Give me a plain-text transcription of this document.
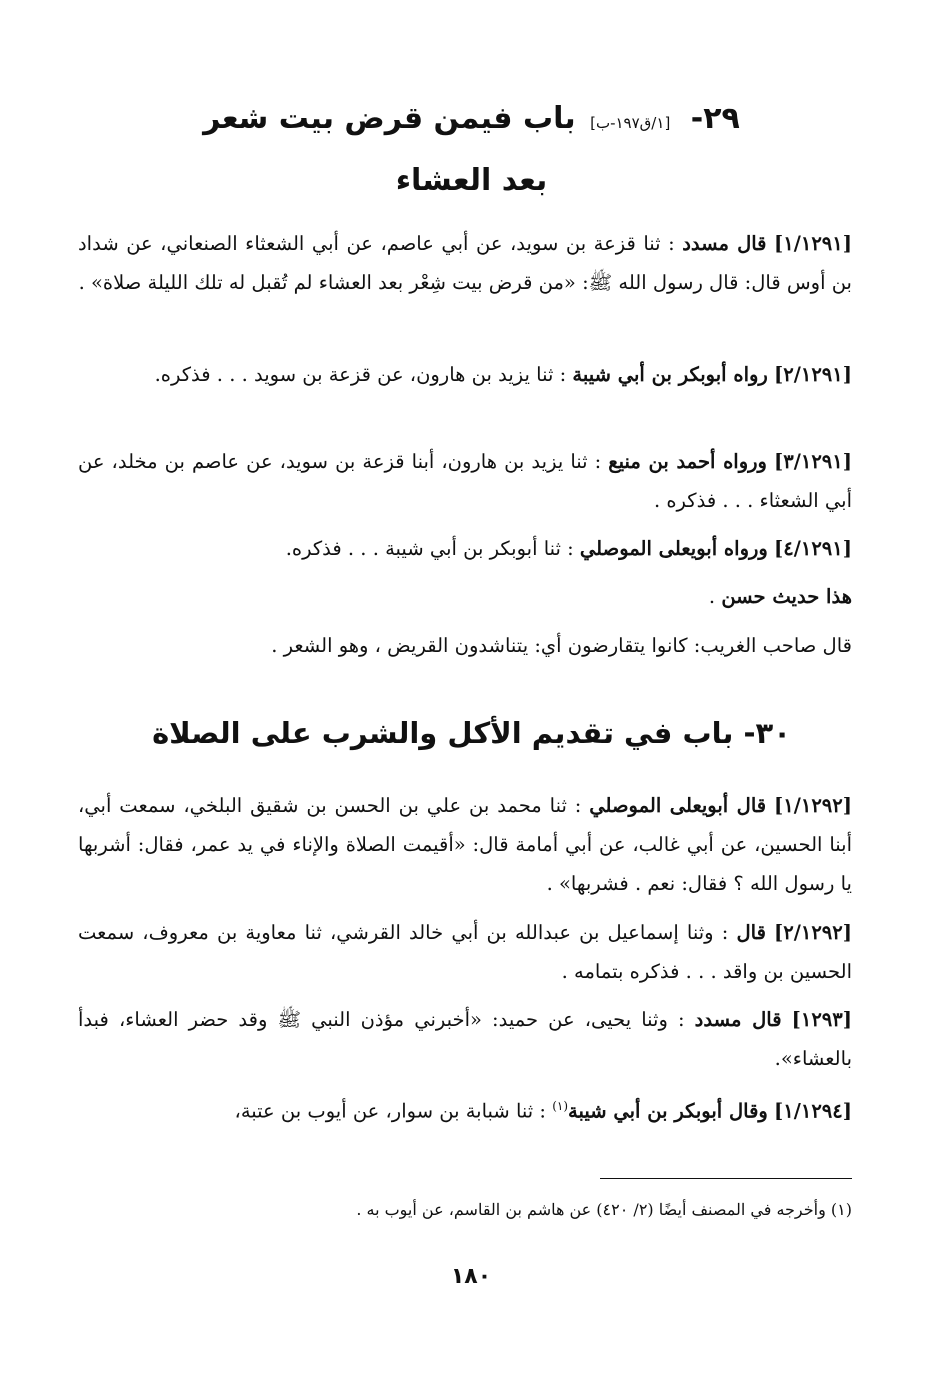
٢٩- [١/ق١٩٧-ب] باب فيمن قرض بيت شعر
بعد العشاء
[١/١٢٩١] قال مسدد : ثنا قزعة بن سويد، عن أبي عاصم، عن أبي الشعثاء الصنعاني، عن شداد بن أوس قال: قال رسول الله ﷺ: «من قرض بيت شِعْر بعد العشاء لم تُقبل له تلك الليلة صلاة» .
[٢/١٢٩١] رواه أبوبكر بن أبي شيبة : ثنا يزيد بن هارون، عن قزعة بن سويد . . . فذكره.
[٣/١٢٩١] ورواه أحمد بن منيع : ثنا يزيد بن هارون، أبنا قزعة بن سويد، عن عاصم بن مخلد، عن أبي الشعثاء . . . فذكره .
[٤/١٢٩١] ورواه أبويعلى الموصلي : ثنا أبوبكر بن أبي شيبة . . . فذكره.
هذا حديث حسن .
قال صاحب الغريب: كانوا يتقارضون أي: يتناشدون القريض ، وهو الشعر .
٣٠- باب في تقديم الأكل والشرب على الصلاة
[١/١٢٩٢] قال أبويعلى الموصلي : ثنا محمد بن علي بن الحسن بن شقيق البلخي، سمعت أبي، أبنا الحسين، عن أبي غالب، عن أبي أمامة قال: «أقيمت الصلاة والإناء في يد عمر، فقال: أشربها يا رسول الله ؟ فقال: نعم . فشربها» .
[٢/١٢٩٢] قال : وثنا إسماعيل بن عبدالله بن أبي خالد القرشي، ثنا معاوية بن معروف، سمعت الحسين بن واقد . . . فذكره بتمامه .
[١٢٩٣] قال مسدد : وثنا يحيى، عن حميد: «أخبرني مؤذن النبي ﷺ وقد حضر العشاء، فبدأ بالعشاء».
[١/١٢٩٤] وقال أبوبكر بن أبي شيبة$^{(١)}$ : ثنا شبابة بن سوار، عن أيوب بن عتبة،
(١) وأخرجه في المصنف أيضًا (٢/ ٤٢٠) عن هاشم بن القاسم، عن أيوب به .
١٨٠
